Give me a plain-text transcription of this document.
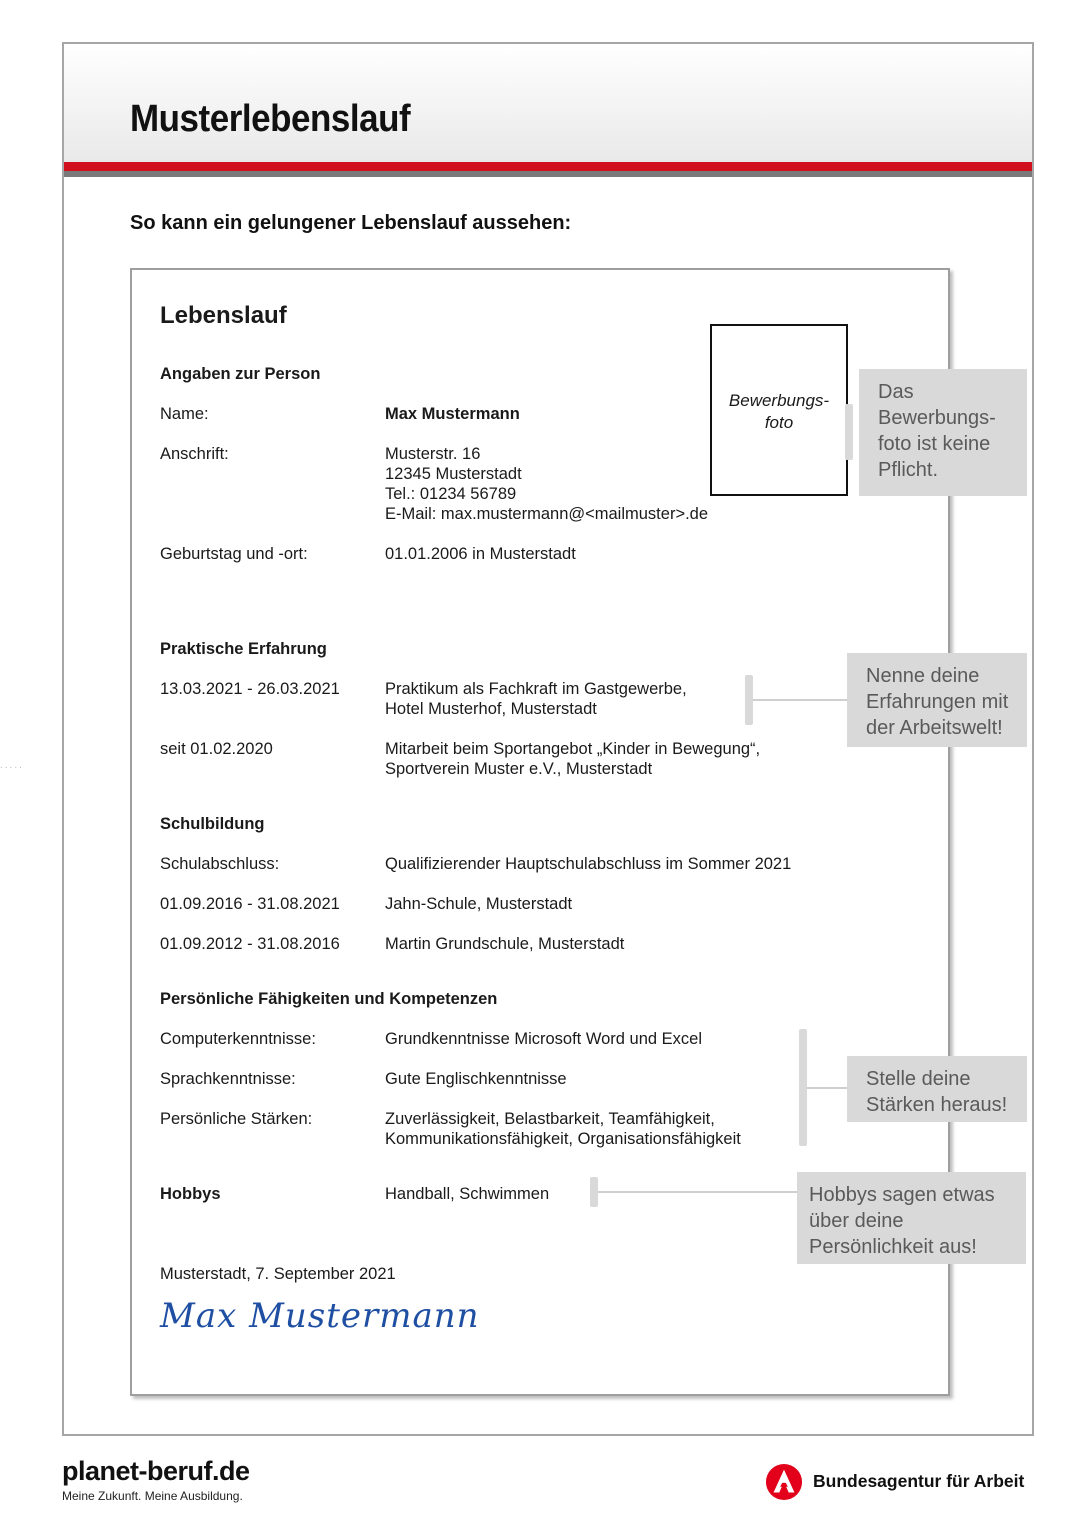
.....
Musterlebenslauf
So kann ein gelungener Lebenslauf aussehen:
Lebenslauf
Bewerbungs-
foto
Angaben zur Person
Name:	Max Mustermann
Anschrift:	Musterstr. 16
12345 Musterstadt
Tel.: 01234 56789
E-Mail: max.mustermann@<mailmuster>.de
Geburtstag und -ort:	01.01.2006 in Musterstadt
Praktische Erfahrung
13.03.2021 - 26.03.2021	Praktikum als Fachkraft im Gastgewerbe,
Hotel Musterhof, Musterstadt
seit 01.02.2020	Mitarbeit beim Sportangebot „Kinder in Bewegung“,
Sportverein Muster e.V., Musterstadt
Schulbildung
Schulabschluss:	Qualifizierender Hauptschulabschluss im Sommer 2021
01.09.2016 - 31.08.2021	Jahn-Schule, Musterstadt
01.09.2012 - 31.08.2016	Martin Grundschule, Musterstadt
Persönliche Fähigkeiten und Kompetenzen
Computerkenntnisse:	Grundkenntnisse Microsoft Word und Excel
Sprachkenntnisse:	Gute Englischkenntnisse
Persönliche Stärken:	Zuverlässigkeit, Belastbarkeit, Teamfähigkeit,
Kommunikationsfähigkeit, Organisationsfähigkeit
Hobbys	Handball, Schwimmen
Musterstadt, 7. September 2021
Max Mustermann
Das Bewerbungs-foto ist keine Pflicht.
Nenne deine Erfahrungen mit der Arbeitswelt!
Stelle deine Stärken heraus!
Hobbys sagen etwas über deine Persönlichkeit aus!
planet-beruf.de
Meine Zukunft. Meine Ausbildung.
Bundesagentur für Arbeit
